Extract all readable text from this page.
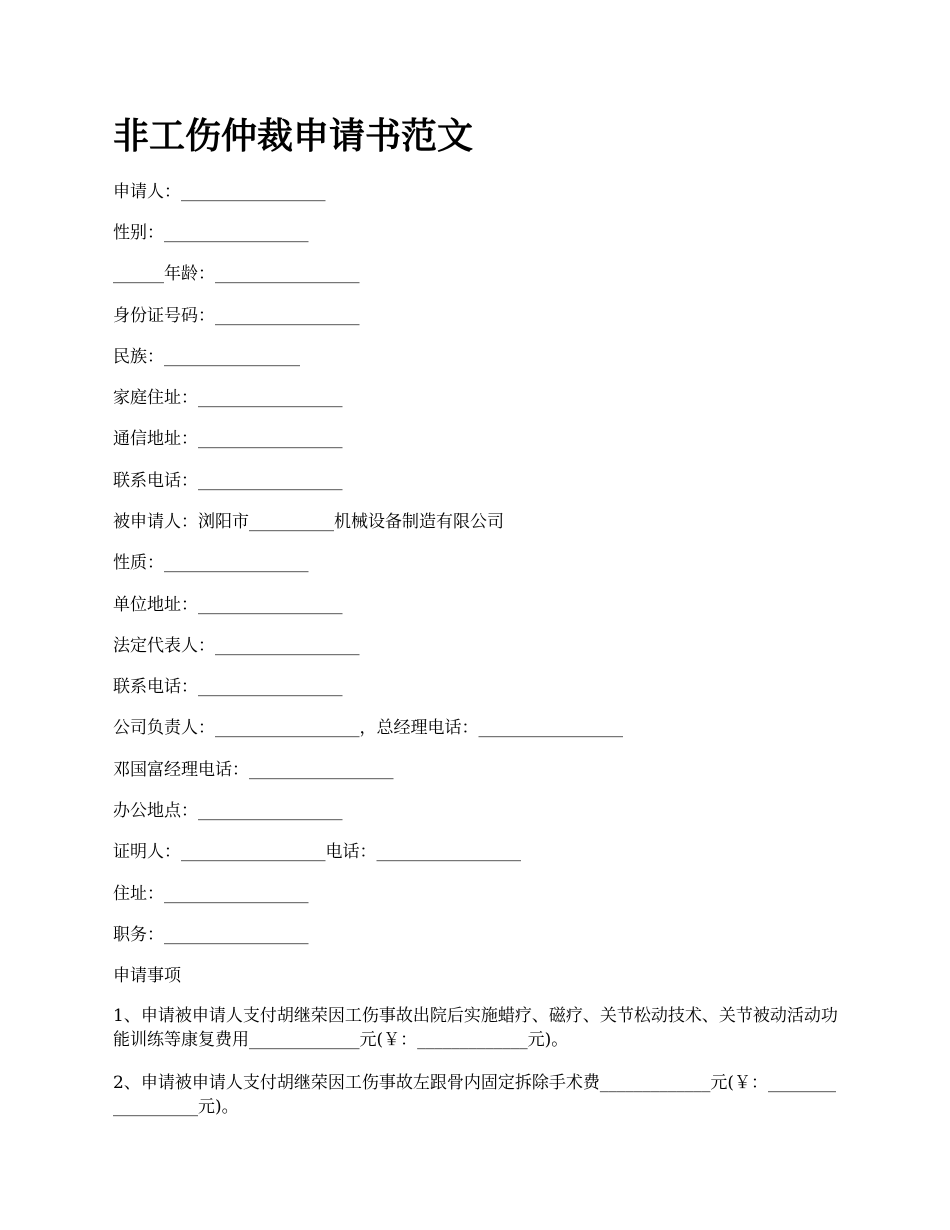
非工伤仲裁申请书范文
申请人：_________________
性别：_________________
______年龄：_________________
身份证号码：_________________
民族：________________
家庭住址：_________________
通信地址：_________________
联系电话：_________________
被申请人：浏阳市__________机械设备制造有限公司
性质：_________________
单位地址：_________________
法定代表人：_________________
联系电话：_________________
公司负责人：_________________，总经理电话：_________________
邓国富经理电话：_________________
办公地点：_________________
证明人：_________________电话：_________________
住址：_________________
职务：_________________
申请事项
1、申请被申请人支付胡继荣因工伤事故出院后实施蜡疗、磁疗、关节松动技术、关节被动活动功能训练等康复费用_____________元(￥：_____________元)。
2、申请被申请人支付胡继荣因工伤事故左跟骨内固定拆除手术费_____________元(￥：__________________元)。
